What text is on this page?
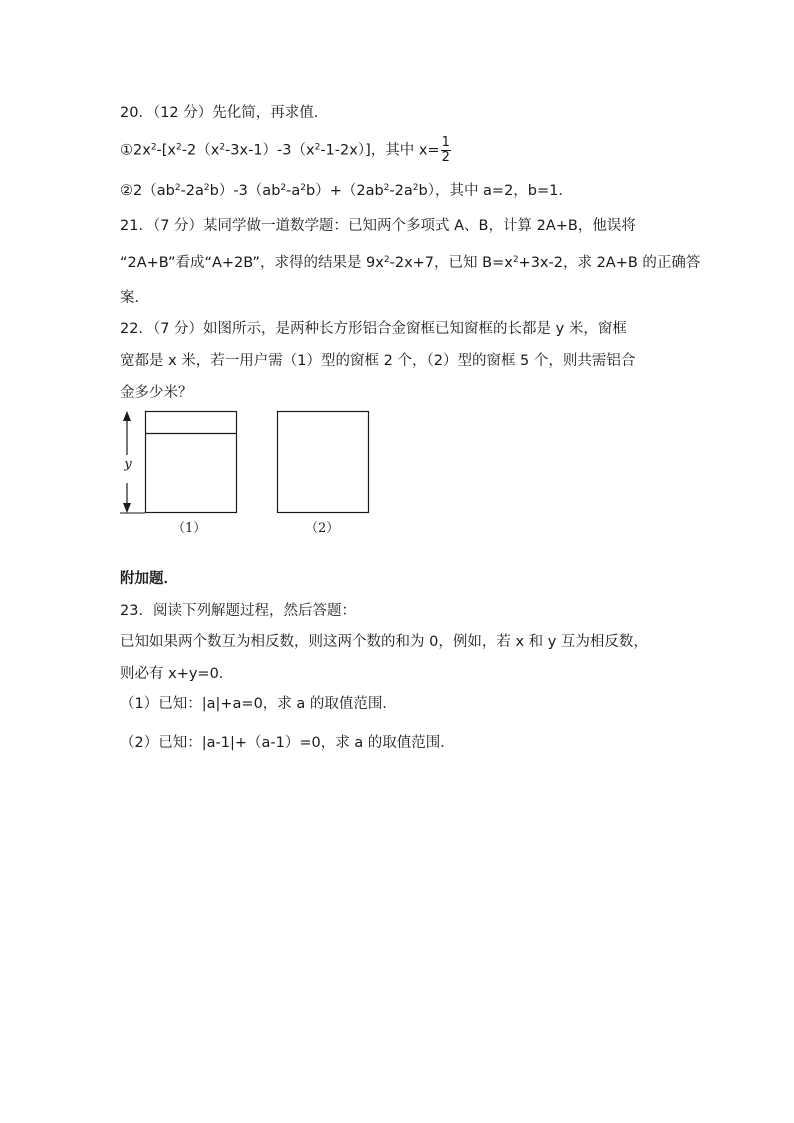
20．（12 分）先化简，再求值．
$①2x^2-[x^2-2(x^2-3x-1)-3(x^2-1-2x)]$，其中 $x= \frac{1}{2}$
$②2(ab^2-2a^2b)-3(ab^2-a^2b)+(2ab^2-2a^2b)$，其中 a=2，b=1．
21．（7 分）某同学做一道数学题：已知两个多项式 A、B，计算 2A+B，他误将
“2A+B”看成“A+2B”，求得的结果是 $9x^2-2x+7$，已知 $B=x^2+3x-2$，求 2A+B 的正确答
案．
22．（7 分）如图所示，是两种长方形铝合金窗框已知窗框的长都是 y 米，窗框
宽都是 x 米，若一用户需（1）型的窗框 2 个，（2）型的窗框 5 个，则共需铝合
金多少米？
y
（1）	（2）
附加题．
23．阅读下列解题过程，然后答题：
已知如果两个数互为相反数，则这两个数的和为 0，例如，若 x 和 y 互为相反数，
则必有 x+y=0．
（1）已知：|a|+a=0，求 a 的取值范围．
（2）已知：|a-1|+（a-1）=0，求 a 的取值范围．
